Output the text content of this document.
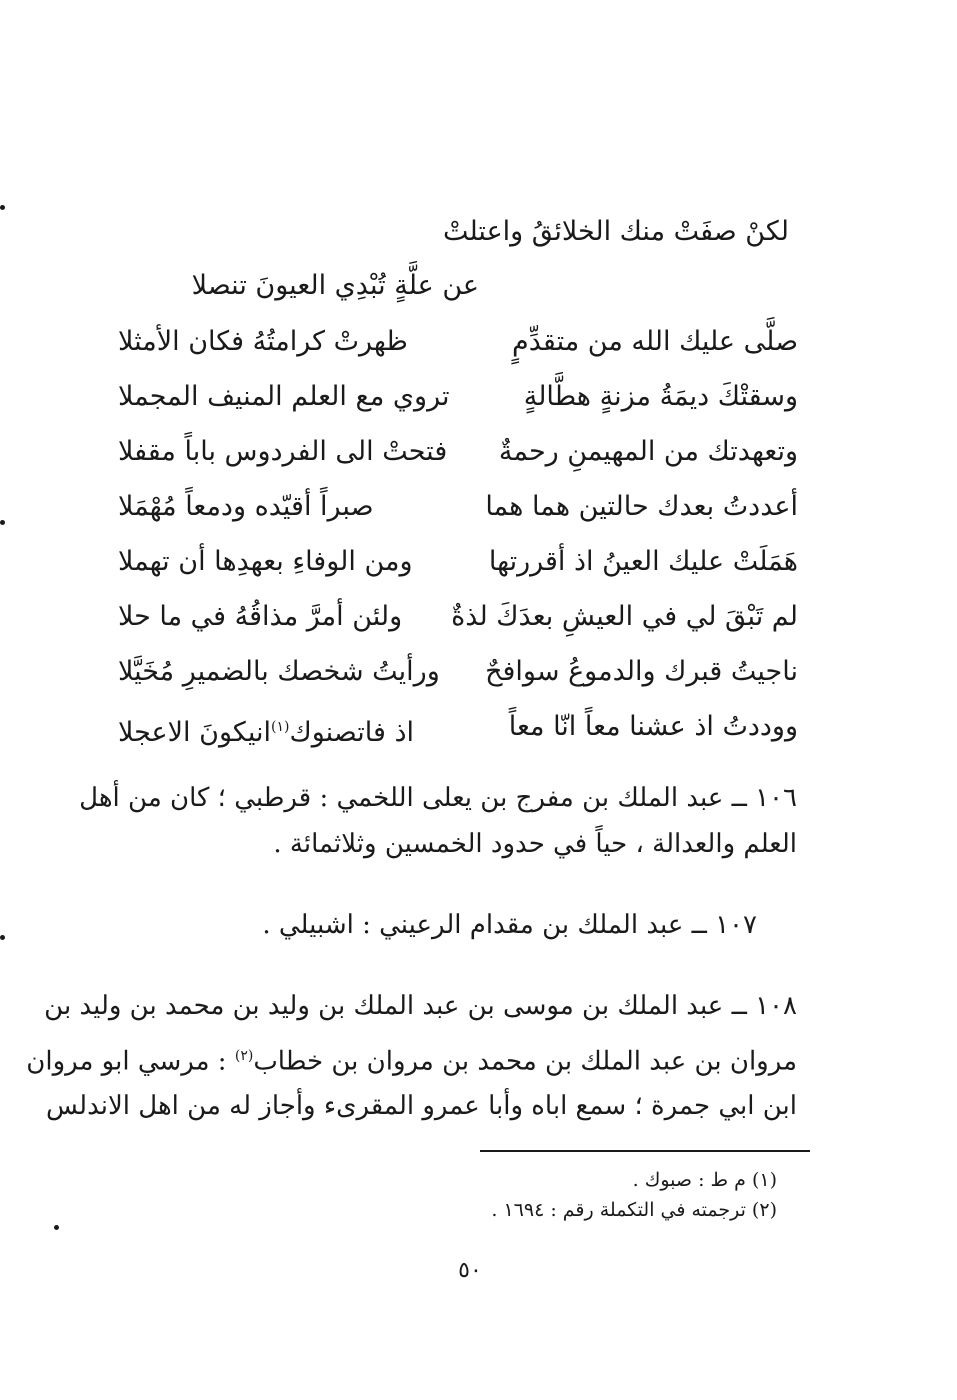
لكنْ صفَتْ منك الخلائقُ واعتلتْ
عن علَّةٍ تُبْدِي العيونَ تنصلا
صلَّى عليك الله من متقدِّمٍ
ظهرتْ كرامتُهُ فكان الأمثلا
وسقتْكَ ديمَةُ مزنةٍ هطَّالةٍ
تروي مع العلم المنيف المجملا
وتعهدتك من المهيمنِ رحمةٌ
فتحتْ الى الفردوس باباً مقفلا
أعددتُ بعدك حالتين هما هما
صبراً أقيّده ودمعاً مُهْمَلا
هَمَلَتْ عليك العينُ اذ أقررتها
ومن الوفاءِ بعهدِها أن تهملا
لم تَبْقَ لي في العيشِ بعدَكَ لذةٌ
ولئن أمرَّ مذاقُهُ في ما حلا
ناجيتُ قبرك والدموعُ سوافحٌ
ورأيتُ شخصك بالضميرِ مُخَيَّلا
ووددتُ اذ عشنا معاً انّا معاً
اذ فاتصنوك$^{(١)}$انيكونَ الاعجلا
١٠٦ ــ عبد الملك بن مفرج بن يعلى اللخمي : قرطبي ؛ كان من أهل
العلم والعدالة ، حياً في حدود الخمسين وثلاثمائة .
١٠٧ ــ عبد الملك بن مقدام الرعيني : اشبيلي .
١٠٨ ــ عبد الملك بن موسى بن عبد الملك بن وليد بن محمد بن وليد بن
مروان بن عبد الملك بن محمد بن مروان بن خطاب$^{(٢)}$ : مرسي ابو مروان
ابن ابي جمرة ؛ سمع اباه وأبا عمرو المقرىء وأجاز له من اهل الاندلس
(١) م ط : صبوك .
(٢) ترجمته في التكملة رقم : ١٦٩٤ .
٥٠
